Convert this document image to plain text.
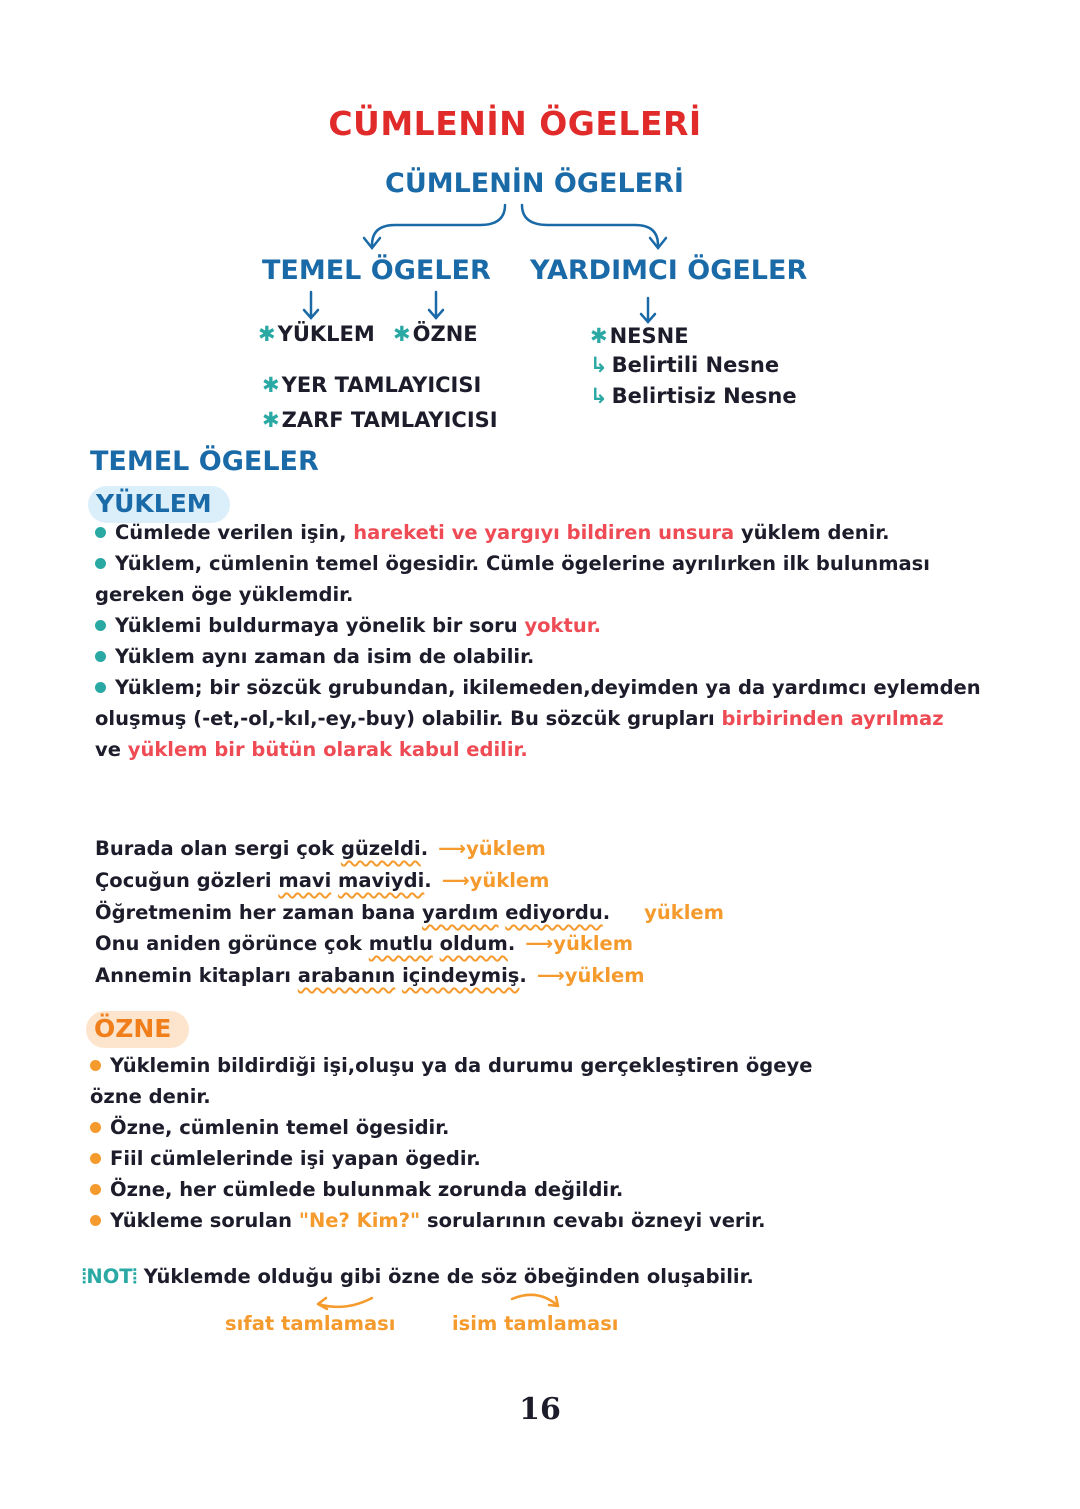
CÜMLENİN ÖGELERİ
CÜMLENİN ÖGELERİ
TEMEL ÖGELER YARDIMCI ÖGELER
✱YÜKLEM ✱ÖZNE
✱YER TAMLAYICISI
✱ZARF TAMLAYICISI
✱NESNE
↳ Belirtili Nesne
↳ Belirtisiz Nesne
TEMEL ÖGELER
YÜKLEM
Cümlede verilen işin, hareketi ve yargıyı bildiren unsura yüklem denir.
Yüklem, cümlenin temel ögesidir. Cümle ögelerine ayrılırken ilk bulunması
gereken öge yüklemdir.
Yüklemi buldurmaya yönelik bir soru yoktur.
Yüklem aynı zaman da isim de olabilir.
Yüklem; bir sözcük grubundan, ikilemeden,deyimden ya da yardımcı eylemden
oluşmuş (-et,-ol,-kıl,-ey,-buy) olabilir. Bu sözcük grupları birbirinden ayrılmaz
ve yüklem bir bütün olarak kabul edilir.
Burada olan sergi çok güzeldi. ⟶yüklem
Çocuğun gözleri mavi maviydi. ⟶yüklem
Öğretmenim her zaman bana yardım ediyordu. yüklem
Onu aniden görünce çok mutlu oldum. ⟶yüklem
Annemin kitapları arabanın içindeymiş. ⟶yüklem
ÖZNE
Yüklemin bildirdiği işi,oluşu ya da durumu gerçekleştiren ögeye
özne denir.
Özne, cümlenin temel ögesidir.
Fiil cümlelerinde işi yapan ögedir.
Özne, her cümlede bulunmak zorunda değildir.
Yükleme sorulan "Ne? Kim?" sorularının cevabı özneyi verir.
⦙NOT⦙ Yüklemde olduğu gibi özne de söz öbeğinden oluşabilir.
sıfat tamlaması	isim tamlaması
16
